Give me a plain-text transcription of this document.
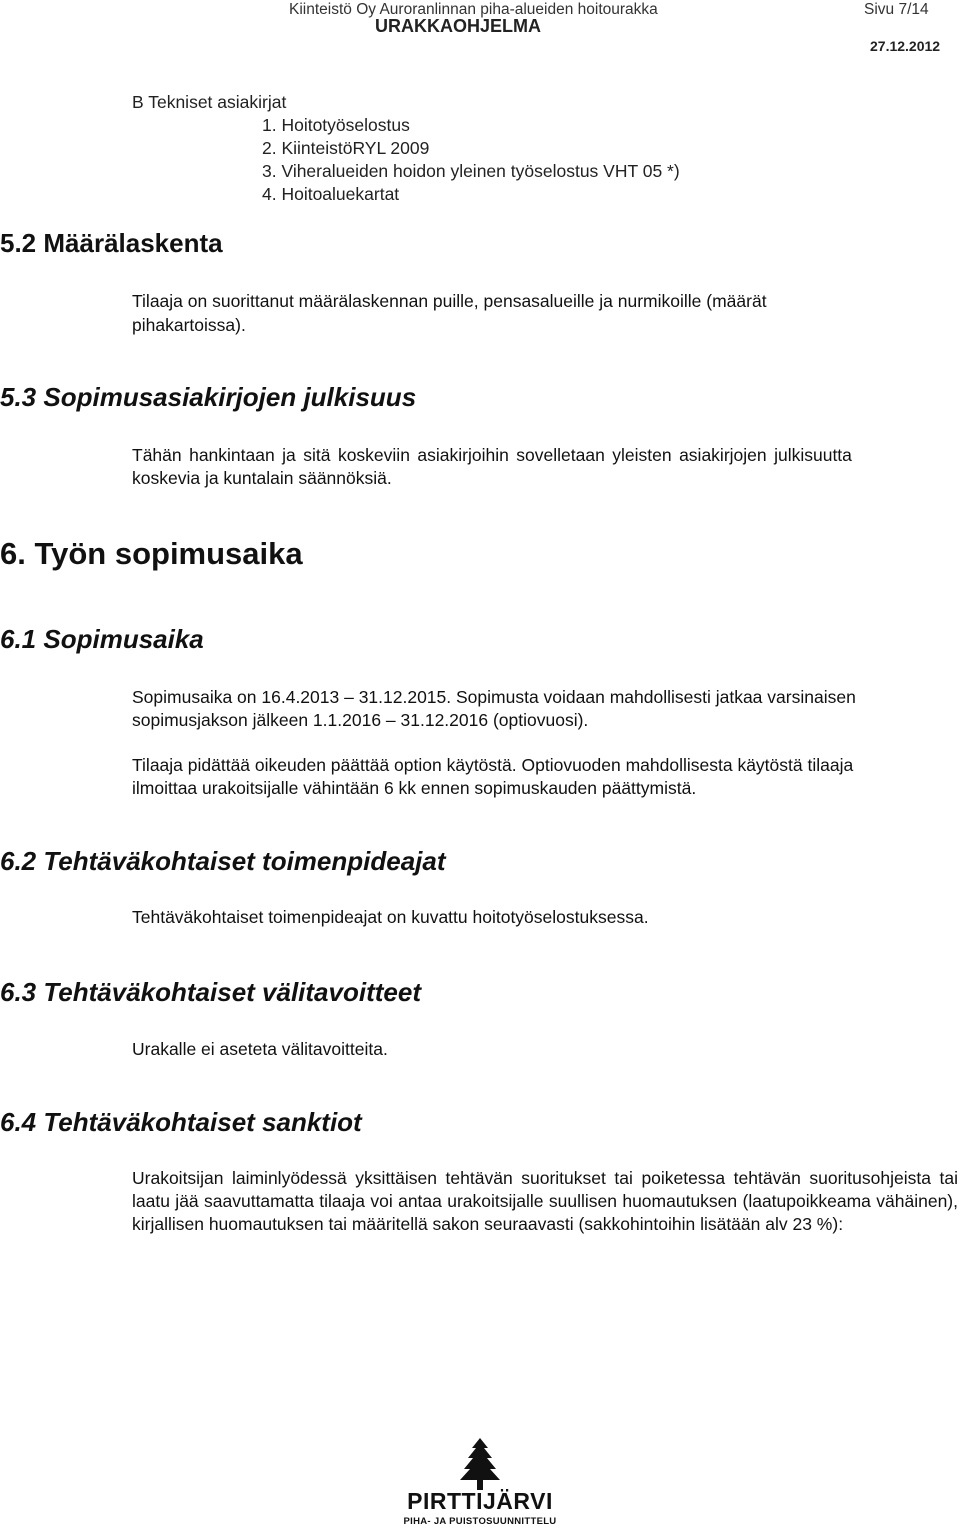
Kiinteistö Oy Auroranlinnan piha-alueiden hoitourakka	Sivu 7/14
URAKKAOHJELMA
27.12.2012
B Tekniset asiakirjat
1. Hoitotyöselostus
2. KiinteistöRYL 2009
3. Viheralueiden hoidon yleinen työselostus VHT 05 *)
4. Hoitoaluekartat
5.2 Määrälaskenta
Tilaaja on suorittanut määrälaskennan puille, pensasalueille ja nurmikoille (määrät
pihakartoissa).
5.3 Sopimusasiakirjojen julkisuus
Tähän hankintaan ja sitä koskeviin asiakirjoihin sovelletaan yleisten asiakirjojen julkisuutta
koskevia ja kuntalain säännöksiä.
6. Työn sopimusaika
6.1 Sopimusaika
Sopimusaika on 16.4.2013 – 31.12.2015. Sopimusta voidaan mahdollisesti jatkaa varsinaisen
sopimusjakson jälkeen 1.1.2016 – 31.12.2016 (optiovuosi).
Tilaaja pidättää oikeuden päättää option käytöstä. Optiovuoden mahdollisesta käytöstä tilaaja
ilmoittaa urakoitsijalle vähintään 6 kk ennen sopimuskauden päättymistä.
6.2 Tehtäväkohtaiset toimenpideajat
Tehtäväkohtaiset toimenpideajat on kuvattu hoitotyöselostuksessa.
6.3 Tehtäväkohtaiset välitavoitteet
Urakalle ei aseteta välitavoitteita.
6.4 Tehtäväkohtaiset sanktiot
Urakoitsijan laiminlyödessä yksittäisen tehtävän suoritukset tai poiketessa tehtävän suoritusohjeista tai laatu jää saavuttamatta tilaaja voi antaa urakoitsijalle suullisen huomautuksen (laatupoikkeama vähäinen), kirjallisen huomautuksen tai määritellä sakon seuraavasti (sakkohintoihin lisätään alv 23 %):
PIRTTIJÄRVI
PIHA- JA PUISTOSUUNNITTELU
